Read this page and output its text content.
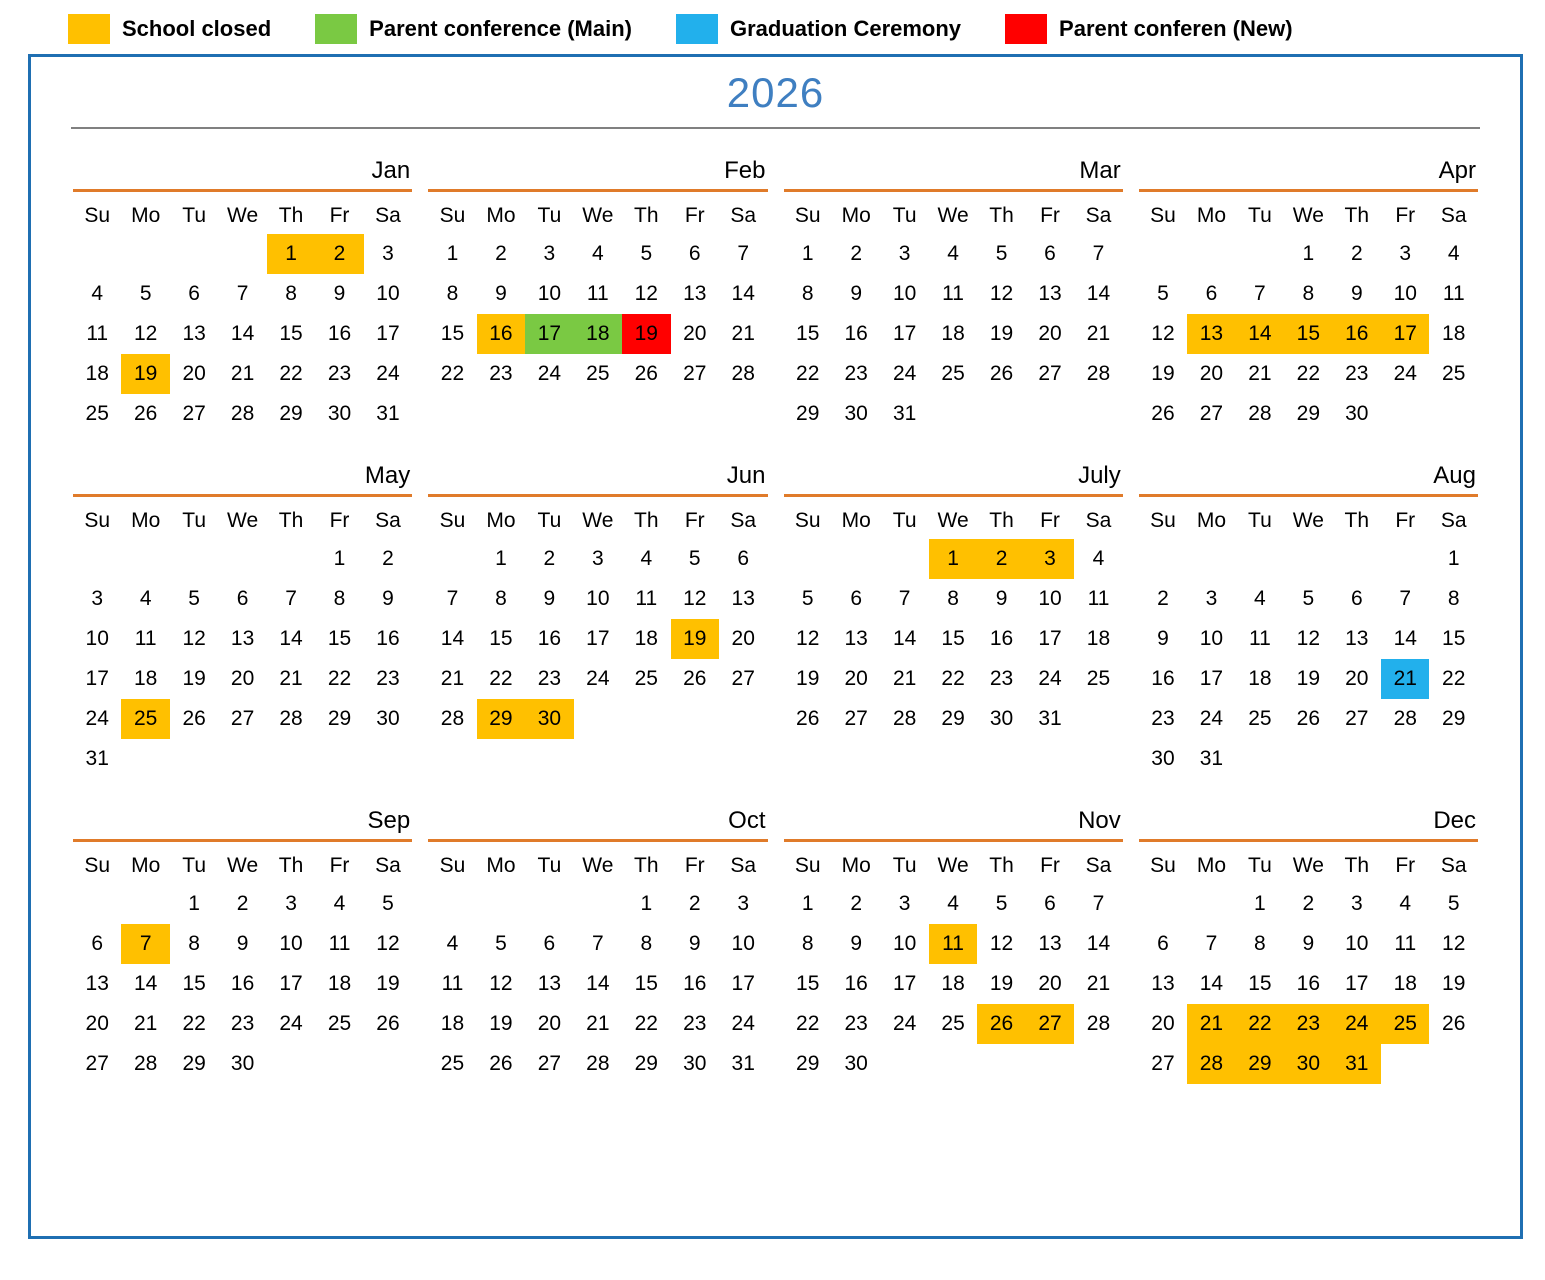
School closed	Parent conference (Main)	Graduation Ceremony	Parent conferen (New)
2026
Jan
Su	Mo	Tu	We	Th	Fr	Sa
				1	2	3
4	5	6	7	8	9	10
11	12	13	14	15	16	17
18	19	20	21	22	23	24
25	26	27	28	29	30	31
Feb
Su	Mo	Tu	We	Th	Fr	Sa
1	2	3	4	5	6	7
8	9	10	11	12	13	14
15	16	17	18	19	20	21
22	23	24	25	26	27	28
Mar
Su	Mo	Tu	We	Th	Fr	Sa
1	2	3	4	5	6	7
8	9	10	11	12	13	14
15	16	17	18	19	20	21
22	23	24	25	26	27	28
29	30	31				
Apr
Su	Mo	Tu	We	Th	Fr	Sa
			1	2	3	4
5	6	7	8	9	10	11
12	13	14	15	16	17	18
19	20	21	22	23	24	25
26	27	28	29	30		
May
Su	Mo	Tu	We	Th	Fr	Sa
					1	2
3	4	5	6	7	8	9
10	11	12	13	14	15	16
17	18	19	20	21	22	23
24	25	26	27	28	29	30
31						
Jun
Su	Mo	Tu	We	Th	Fr	Sa
	1	2	3	4	5	6
7	8	9	10	11	12	13
14	15	16	17	18	19	20
21	22	23	24	25	26	27
28	29	30				
July
Su	Mo	Tu	We	Th	Fr	Sa
			1	2	3	4
5	6	7	8	9	10	11
12	13	14	15	16	17	18
19	20	21	22	23	24	25
26	27	28	29	30	31	
Aug
Su	Mo	Tu	We	Th	Fr	Sa
						1
2	3	4	5	6	7	8
9	10	11	12	13	14	15
16	17	18	19	20	21	22
23	24	25	26	27	28	29
30	31					
Sep
Su	Mo	Tu	We	Th	Fr	Sa
		1	2	3	4	5
6	7	8	9	10	11	12
13	14	15	16	17	18	19
20	21	22	23	24	25	26
27	28	29	30			
Oct
Su	Mo	Tu	We	Th	Fr	Sa
				1	2	3
4	5	6	7	8	9	10
11	12	13	14	15	16	17
18	19	20	21	22	23	24
25	26	27	28	29	30	31
Nov
Su	Mo	Tu	We	Th	Fr	Sa
1	2	3	4	5	6	7
8	9	10	11	12	13	14
15	16	17	18	19	20	21
22	23	24	25	26	27	28
29	30					
Dec
Su	Mo	Tu	We	Th	Fr	Sa
		1	2	3	4	5
6	7	8	9	10	11	12
13	14	15	16	17	18	19
20	21	22	23	24	25	26
27	28	29	30	31		
